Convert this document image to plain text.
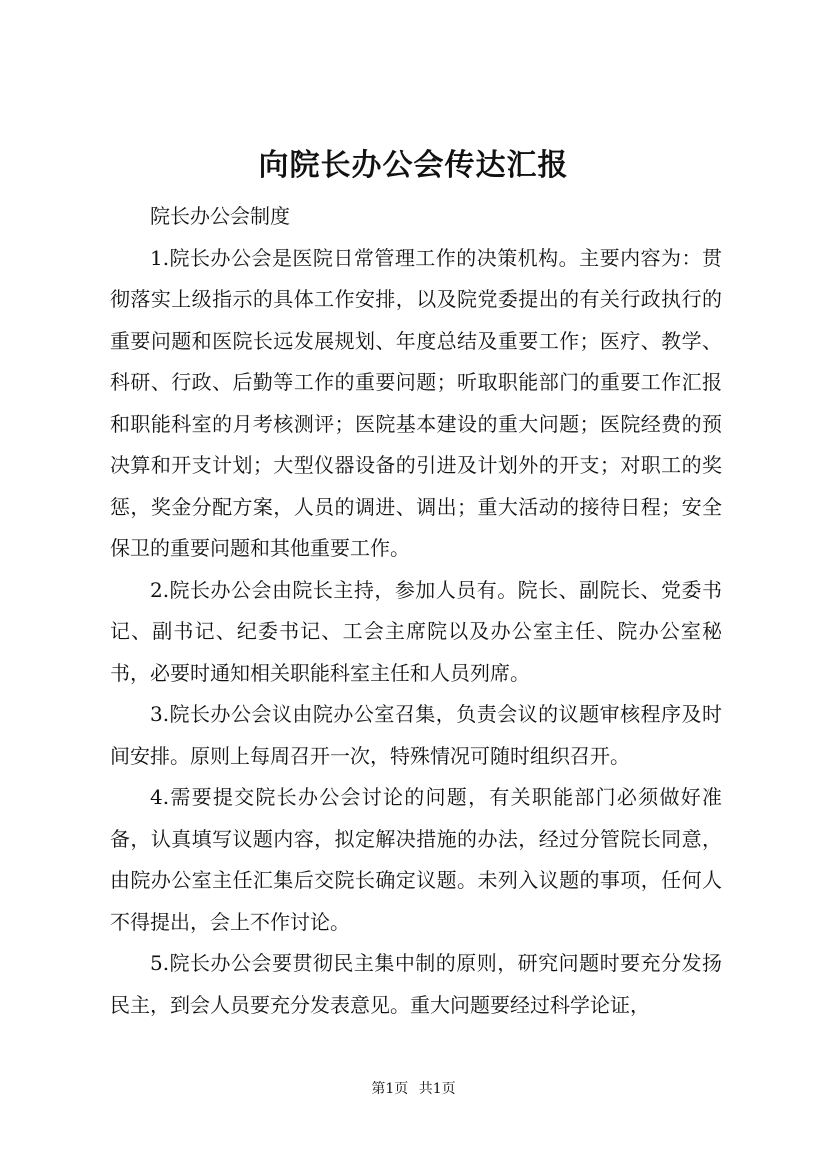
向院长办公会传达汇报

院长办公会制度

1.院长办公会是医院日常管理工作的决策机构。主要内容为：贯彻落实上级指示的具体工作安排，以及院党委提出的有关行政执行的重要问题和医院长远发展规划、年度总结及重要工作；医疗、教学、科研、行政、后勤等工作的重要问题；听取职能部门的重要工作汇报和职能科室的月考核测评；医院基本建设的重大问题；医院经费的预决算和开支计划；大型仪器设备的引进及计划外的开支；对职工的奖惩，奖金分配方案，人员的调进、调出；重大活动的接待日程；安全保卫的重要问题和其他重要工作。

2.院长办公会由院长主持，参加人员有。院长、副院长、党委书记、副书记、纪委书记、工会主席院以及办公室主任、院办公室秘书，必要时通知相关职能科室主任和人员列席。

3.院长办公会议由院办公室召集，负责会议的议题审核程序及时间安排。原则上每周召开一次，特殊情况可随时组织召开。

4.需要提交院长办公会讨论的问题，有关职能部门必须做好准备，认真填写议题内容，拟定解决措施的办法，经过分管院长同意，由院办公室主任汇集后交院长确定议题。未列入议题的事项，任何人不得提出，会上不作讨论。

5.院长办公会要贯彻民主集中制的原则，研究问题时要充分发扬民主，到会人员要充分发表意见。重大问题要经过科学论证，

第1页 共1页
